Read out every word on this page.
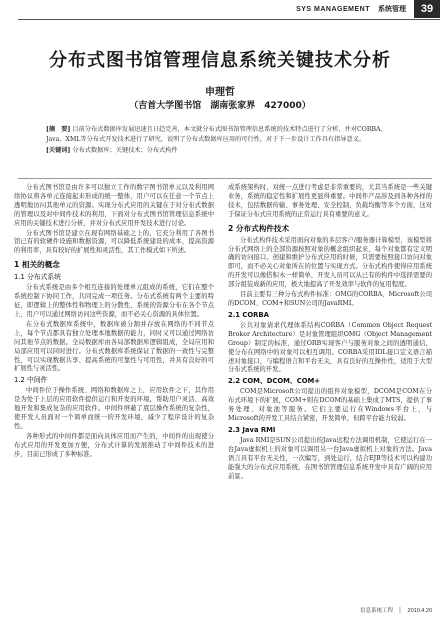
SYS MANAGEMENT 系统管理	39
分布式图书馆管理信息系统关键技术分析
申理哲
（吉首大学图书馆　湖南张家界　427000）
[摘　要] 目前分布式数据库发展迅速且日趋完善，本文就分布式图书馆管理信息系统的技术特点进行了分析，并对CORBA、Java、XML等分布式开发技术进行了研究，说明了分布式数据库应用的可行性，对于下一步设计工作具有指导意义。
[关键词] 分布式数据库；关键技术；分布式构件

分布式图书馆是由许多可以独立工作的数字图书馆单元以及利用网络协议将各单元连接起来形成的统一整体，用户可以在任意一个节点上透明地访问其他单元的资源。实现分布式应用的关键在于对分布式数据的管理以及对中间件技术的利用，下面对分布式图书馆管理信息系统中应用的关键技术进行分析，并对分布式应用开发技术进行讨论。

分布式图书馆是建立在现有网络基础之上的，它充分利用了各图书馆已有的软硬件设施和数据资源，可以降低系统建设的成本，提高资源的利用率，具有较好的扩展性和灵活性，其工作模式如下所述。

1 相关的概念
1.1 分布式系统

分布式系统是由多个相互连接的处理单元组成的系统，它们在整个系统控制下协同工作，共同完成一项任务。分布式系统有两个主要的特征，即逻辑上的整体性和物理上的分散性，系统的资源分布在各个节点上，用户可以通过网络访问这些资源，而不必关心资源的具体位置。

在分布式数据库系统中，数据库被分割并存放在网络的不同节点上，每个节点都具有独立处理本地数据的能力，同时又可以通过网络访问其他节点的数据。全局数据库由各局部数据库逻辑组成，全局应用和局部应用可以同时进行。分布式数据库系统保证了数据的一致性与完整性，可以实现数据共享、提高系统的可靠性与可用性，并具有良好的可扩展性与灵活性。

1.2 中间件

中间件位于操作系统、网络和数据库之上，应用软件之下，其作用是为处于上层的应用软件提供运行和开发的环境，帮助用户灵活、高效地开发和集成复杂的应用软件。中间件屏蔽了底层操作系统的复杂性，使开发人员面对一个简单而统一的开发环境，减少了程序设计的复杂性。

各种形式的中间件都是面向具体应用而产生的，中间件的出现使分布式应用的开发更加方便，分布式计算的发展推动了中间件技术的进步，目前已形成了多种标准。

成系统架构时，对统一点进行考虑是非常重要的，尤其当系统是一些关键业务，系统的稳定性和扩展性更显得重要。中间件产品涉及到各种各样的技术，包括数据传输、事务处理、安全控制、负载均衡等多个方面，这对于保证分布式应用系统的正常运行具有重要的意义。

2 分布式构件技术

分布式构件技术采用面向对象的多层客户/服务器计算模型，该模型将分布式网络上的全部资源按照对象的概念组织起来，每个对象都有定义明确的访问接口。创建和维护分布式应用的时候，只需要按照接口访问对象即可，而不必关心对象所在的位置与实现方式。分布式构件使得应用系统的开发可以像搭积木一样简单，开发人员可以从已有的构件中选择需要的部分组装成新的应用，极大地提高了开发效率与软件的复用程度。

目前主要有三种分布式构件标准：OMG的CORBA、Microsoft公司的DCOM、COM+和SUN公司的JavaRMI。

2.1 CORBA

公共对象请求代理体系结构CORBA（Common Object Request Broker Architecture）是对象管理组织OMG（Object Management Group）制定的标准，通过ORB实现客户与服务对象之间的透明通信，使分布在网络中的对象可以相互调用。CORBA采用IDL接口定义语言描述对象接口，与编程语言和平台无关，具有良好的互操作性，适用于大型分布式系统的开发。

2.2 COM、DCOM、COM+

COM是Microsoft公司提出的组件对象模型，DCOM是COM在分布式环境下的扩展，COM+则在DCOM的基础上集成了MTS，提供了事务处理、对象池等服务。它们主要运行在Windows平台上，与Microsoft的开发工具结合紧密，开发简单，但跨平台能力较弱。

2.3 Java RMI

Java RMI是SUN公司提出的Java远程方法调用机制，它使运行在一台Java虚拟机上的对象可以调用另一台Java虚拟机上对象的方法。Java语言具有平台无关性，一次编写，到处运行，结合EJB等技术可以构建功能强大的分布式应用系统，在图书馆管理信息系统开发中具有广阔的应用前景。

信息系统工程　│　2010.4.20
